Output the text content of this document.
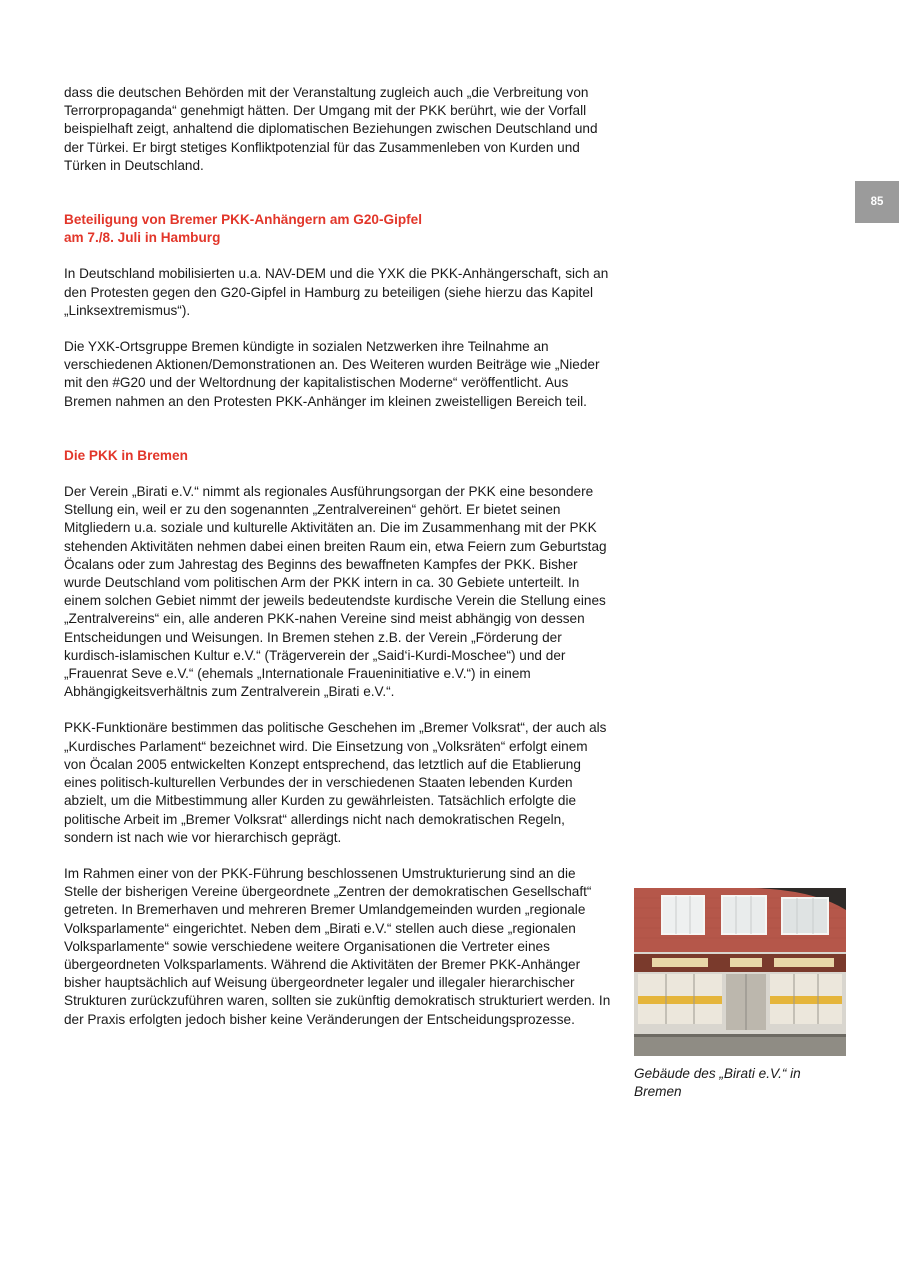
85

dass die deutschen Behörden mit der Veranstaltung zugleich auch „die Verbreitung von Terrorpropaganda“ genehmigt hätten. Der Umgang mit der PKK berührt, wie der Vorfall beispielhaft zeigt, anhaltend die diplomatischen Beziehungen zwischen Deutschland und der Türkei. Er birgt stetiges Konfliktpotenzial für das Zusammenleben von Kurden und Türken in Deutschland.

Beteiligung von Bremer PKK-Anhängern am G20-Gipfel
am 7./8. Juli in Hamburg

In Deutschland mobilisierten u.a. NAV-DEM und die YXK die PKK-Anhängerschaft, sich an den Protesten gegen den G20-Gipfel in Hamburg zu beteiligen (siehe hierzu das Kapitel „Linksextremismus“).

Die YXK-Ortsgruppe Bremen kündigte in sozialen Netzwerken ihre Teilnahme an verschiedenen Aktionen/Demonstrationen an. Des Weiteren wurden Beiträge wie „Nieder mit den #G20 und der Weltordnung der kapitalistischen Moderne“ veröffentlicht. Aus Bremen nahmen an den Protesten PKK-Anhänger im kleinen zweistelligen Bereich teil.

Die PKK in Bremen

Der Verein „Birati e.V.“ nimmt als regionales Ausführungsorgan der PKK eine besondere Stellung ein, weil er zu den sogenannten „Zentralvereinen“ gehört. Er bietet seinen Mitgliedern u.a. soziale und kulturelle Aktivitäten an. Die im Zusammenhang mit der PKK stehenden Aktivitäten nehmen dabei einen breiten Raum ein, etwa Feiern zum Geburtstag Öcalans oder zum Jahrestag des Beginns des bewaffneten Kampfes der PKK. Bisher wurde Deutschland vom politischen Arm der PKK intern in ca. 30 Gebiete unterteilt. In einem solchen Gebiet nimmt der jeweils bedeutendste kurdische Verein die Stellung eines „Zentralvereins“ ein, alle anderen PKK-nahen Vereine sind meist abhängig von dessen Entscheidungen und Weisungen. In Bremen stehen z.B. der Verein „Förderung der kurdisch-islamischen Kultur e.V.“ (Trägerverein der „Said‘i-Kurdi-Moschee“) und der „Frauenrat Seve e.V.“ (ehemals „Internationale Fraueninitiative e.V.“) in einem Abhängigkeitsverhältnis zum Zentralverein „Birati e.V.“.

PKK-Funktionäre bestimmen das politische Geschehen im „Bremer Volksrat“, der auch als „Kurdisches Parlament“ bezeichnet wird. Die Einsetzung von „Volksräten“ erfolgt einem von Öcalan 2005 entwickelten Konzept entsprechend, das letztlich auf die Etablierung eines politisch-kulturellen Verbundes der in verschiedenen Staaten lebenden Kurden abzielt, um die Mitbestimmung aller Kurden zu gewährleisten. Tatsächlich erfolgte die politische Arbeit im „Bremer Volksrat“ allerdings nicht nach demokratischen Regeln, sondern ist nach wie vor hierarchisch geprägt.

Im Rahmen einer von der PKK-Führung beschlossenen Umstrukturierung sind an die Stelle der bisherigen Vereine übergeordnete „Zentren der demokratischen Gesellschaft“ getreten. In Bremerhaven und mehreren Bremer Umlandgemeinden wurden „regionale Volksparlamente“ eingerichtet. Neben dem „Birati e.V.“ stellen auch diese „regionalen Volksparlamente“ sowie verschiedene weitere Organisationen die Vertreter eines übergeordneten Volksparlaments. Während die Aktivitäten der Bremer PKK-Anhänger bisher hauptsächlich auf Weisung übergeordneter legaler und illegaler hierarchischer Strukturen zurückzuführen waren, sollten sie zukünftig demokratisch strukturiert werden. In der Praxis erfolgten jedoch bisher keine Veränderungen der Entscheidungsprozesse.

Gebäude des „Birati e.V.“ in Bremen
